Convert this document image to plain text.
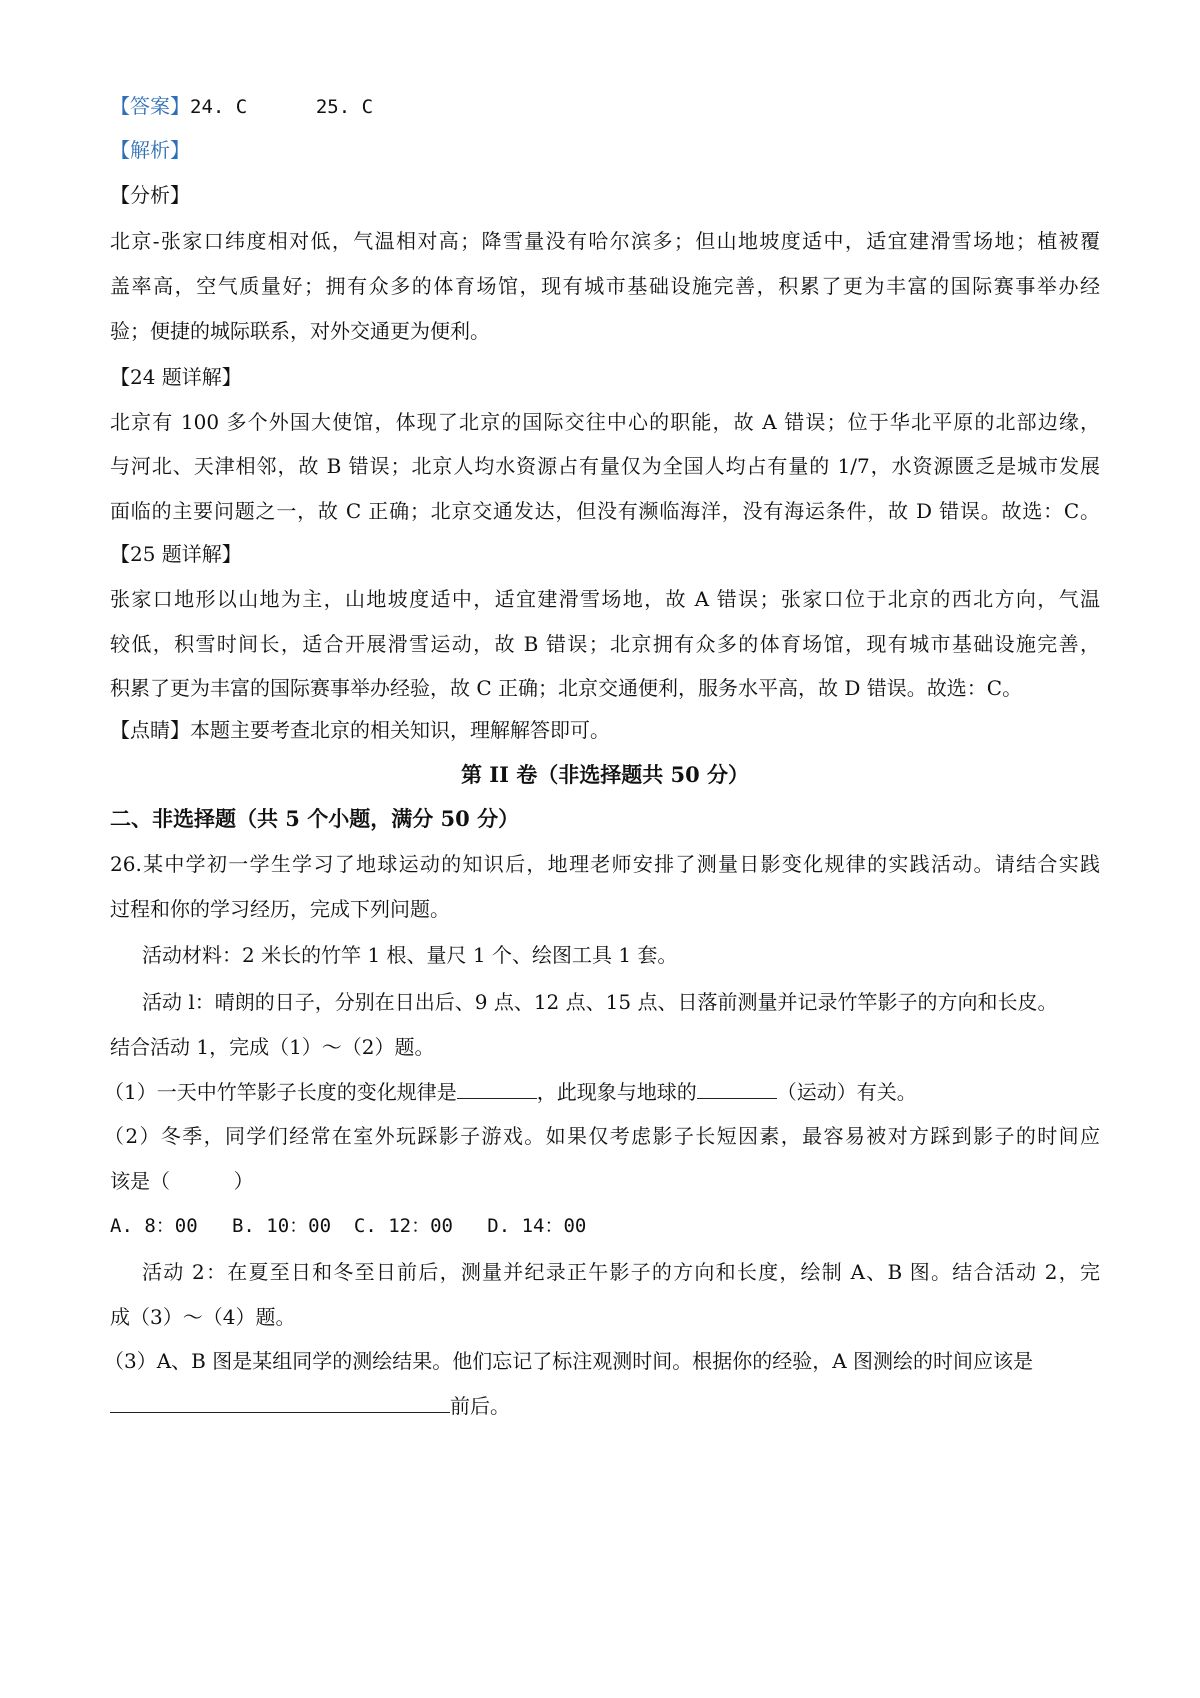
【答案】24. C      25. C
【解析】
【分析】
北京-张家口纬度相对低，气温相对高；降雪量没有哈尔滨多；但山地坡度适中，适宜建滑雪场地；植被覆
盖率高，空气质量好；拥有众多的体育场馆，现有城市基础设施完善，积累了更为丰富的国际赛事举办经
验；便捷的城际联系，对外交通更为便利。
【24 题详解】
北京有 100 多个外国大使馆，体现了北京的国际交往中心的职能，故 A 错误；位于华北平原的北部边缘，
与河北、天津相邻，故 B 错误；北京人均水资源占有量仅为全国人均占有量的 1/7，水资源匮乏是城市发展
面临的主要问题之一，故 C 正确；北京交通发达，但没有濒临海洋，没有海运条件，故 D 错误。故选：C。
【25 题详解】
张家口地形以山地为主，山地坡度适中，适宜建滑雪场地，故 A 错误；张家口位于北京的西北方向，气温
较低，积雪时间长，适合开展滑雪运动，故 B 错误；北京拥有众多的体育场馆，现有城市基础设施完善，
积累了更为丰富的国际赛事举办经验，故 C 正确；北京交通便利，服务水平高，故 D 错误。故选：C。
【点睛】本题主要考查北京的相关知识，理解解答即可。
第 II 卷（非选择题共 50 分）
二、非选择题（共 5 个小题，满分 50 分）
26.某中学初一学生学习了地球运动的知识后，地理老师安排了测量日影变化规律的实践活动。请结合实践
过程和你的学习经历，完成下列问题。
活动材料：2 米长的竹竿 1 根、量尺 1 个、绘图工具 1 套。
活动 l：晴朗的日子，分别在日出后、9 点、12 点、15 点、日落前测量并记录竹竿影子的方向和长皮。
结合活动 1，完成（1）～（2）题。
（1）一天中竹竿影子长度的变化规律是	，此现象与地球的	（运动）有关。
（2）冬季，同学们经常在室外玩踩影子游戏。如果仅考虑影子长短因素，最容易被对方踩到影子的时间应
该是（          ）
A. 8：00   B. 10：00  C. 12：00   D. 14：00
活动 2：在夏至日和冬至日前后，测量并纪录正午影子的方向和长度，绘制 A、B 图。结合活动 2，完
成（3）～（4）题。
（3）A、B 图是某组同学的测绘结果。他们忘记了标注观测时间。根据你的经验，A 图测绘的时间应该是
前后。
